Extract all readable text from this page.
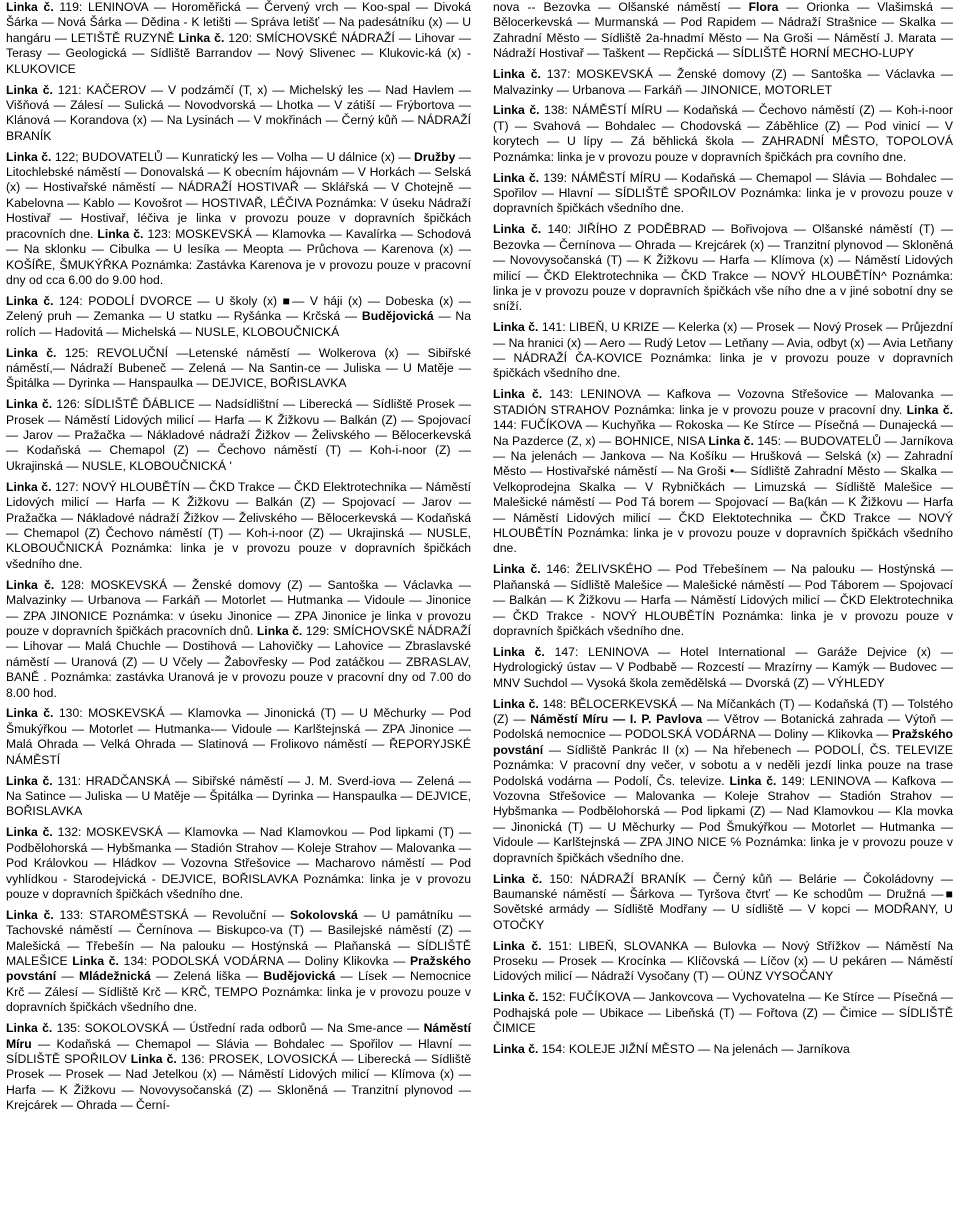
Linka č. 119: LENINOVA — Horoměřická — Červený vrch — Koo-spal — Divoká Šárka — Nová Šárka — Dědina - K letišti — Správa letišť — Na padesátníku (x) — U hangáru — LETIŠTĚ RUZYNĚ Linka č. 120: SMÍCHOVSKÉ NÁDRAŽÍ — Lihovar — Terasy — Geologická — Sídliště Barrandov — Nový Slivenec — Klukovic-ká (x) - KLUKOVICE

Linka č. 121: KAČEROV — V podzámčí (T, x) — Michelský les — Nad Havlem — Višňová — Zálesí — Sulická — Novodvorská — Lhotka — V zátiší — Frýbortova — Klánová — Korandova (x) — Na Lysinách — V mokřinách — Černý kůň — NÁDRAŽÍ BRANÍK

Linka č. 122; BUDOVATELŮ — Kunratický les — Volha — U dálnice (x) — Družby — Litochlebské náměstí — Donovalská — K obecním hájovnám — V Horkách — Selská (x) — Hostivařské náměstí — NÁDRAŽÍ HOSTIVAŘ — Sklářská — V Chotejně — Kabelovna — Kablo — Kovošrot — HOSTIVAŘ, LÉČIVA Poznámka: V úseku Nádraží Hostivař — Hostivař, léčiva je linka v provozu pouze v dopravních špičkách pracovních dne. Linka č. 123: MOSKEVSKÁ — Klamovka — Kavalírka — Schodová — Na sklonku — Cibulka — U lesíka — Meopta — Průchova — Karenova (x) — KOŠÍŘE, ŠMUKÝŘKA Poznámka: Zastávka Karenova je v provozu pouze v pracovní dny od cca 6.00 do 9.00 hod.

Linka č. 124: PODOLÍ DVORCE — U školy (x) ■— V háji (x) — Dobeska (x) — Zelený pruh — Zemanka — U statku — Ryšánka — Krčská — Budějovická — Na rolích — Hadovitá — Michelská — NUSLE, KLOBOUČNICKÁ

Linka č. 125: REVOLUČNÍ —Letenské náměstí — Wolkerova (x) — Sibiřské náměstí,— Nádraží Bubeneč — Zelená — Na Santin-ce — Juliska — U Matěje — Špitálka — Dyrinka — Hanspaulka — DEJVICE, BOŘISLAVKA

Linka č. 126: SÍDLIŠTĚ ĎÁBLICE — Nadsídlištní — Liberecká — Sídliště Prosek — Prosek — Náměstí Lidových milicí — Harfa — K Žižkovu — Balkán (Z) — Spojovací — Jarov — Pražačka — Nákladové nádraží Žižkov — Želivského — Bělocerkevská — Kodaňská — Chemapol (Z) — Čechovo náměstí (T) — Koh-i-noor (Z) — Ukrajinská — NUSLE, KLOBOUČNICKÁ '

Linka č. 127: NOVÝ HLOUBĚTÍN — ČKD Trakce — ČKD Elektrotechnika — Náměstí Lidových milicí — Harfa — K Žižkovu — Balkán (Z) — Spojovací — Jarov — Pražačka — Nákladové nádraží Žižkov — Želivského — Bělocerkevská — Kodaňská — Chemapol (Z) Čechovo náměstí (T) — Koh-i-noor (Z) — Ukrajinská — NUSLE, KLOBOUČNICKÁ Poznámka: linka je v provozu pouze v dopravních špičkách všedního dne.

Linka č. 128: MOSKEVSKÁ — Ženské domovy (Z) — Santoška — Václavka — Malvazinky — Urbanova — Farkáň — Motorlet — Hutmanka — Vidoule — Jinonice — ZPA JINONICE Poznámka: v úseku Jinonice — ZPA Jinonice je linka v provozu pouze v dopravních špičkách pracovních dnů. Linka č. 129: SMÍCHOVSKÉ NÁDRAŽÍ — Lihovar — Malá Chuchle — Dostihová — Lahovičky — Lahovice — Zbraslavské náměstí — Uranová (Z) — U Včely — Žabovřesky — Pod zatáčkou — ZBRASLAV, BANĚ . Poznámka: zastávka Uranová je v provozu pouze v pracovní dny od 7.00 do 8.00 hod.

Linka č. 130: MOSKEVSKÁ — Klamovka — Jinonická (T) — U Měchurky — Pod Šmukýřkou — Motorlet — Hutmanka-— Vidoule — Karlštejnská — ZPA Jinonice — Malá Ohrada — Velká Ohrada — Slatinová — Froliкovo náměstí — ŘEPORYJSKÉ NÁMĚSTÍ

Linka č. 131: HRADČANSKÁ — Sibiřské náměstí — J. M. Sverd-iova — Zelená — Na Satince — Juliska — U Matěje — Špitálka — Dyrinka — Hanspaulka — DEJVICE, BOŘISLAVKA

Linka č. 132: MOSKEVSKÁ — Klamovka — Nad Klamovkou — Pod lipkami (T) — Podbělohorská — Hybšmanka — Stadión Strahov — Koleje Strahov — Malovanka — Pod Královkou — Hládkov — Vozovna Střešovice — Macharovo náměstí — Pod vyhlídkou - Starodejvická - DEJVICE, BOŘISLAVKA Poznámka: linka je v provozu pouze v dopravních špičkách všedního dne.

Linka č. 133: STAROMĚSTSKÁ — Revoluční — Sokolovská — U památníku — Tachovské náměstí — Černínova — Biskupco-va (T) — Basilejské náměstí (Z) — Malešická — Třebešín — Na palouku — Hostýnská — Plaňanská — SÍDLIŠTĚ MALEŠICE Linka č. 134: PODOLSKÁ VODÁRNA — Doliny Klikovka — Pražského povstání — Mládežnická — Zelená liška — Budějovická — Lísek — Nemocnice Krč — Zálesí — Sídliště Krč — KRČ, TEMPO Poznámka: linka je v provozu pouze v dopravních špičkách všedního dne.

Linka č. 135: SOKOLOVSKÁ — Ústřední rada odborů — Na Sme-ance — Náměstí Míru — Kodaňská — Chemapol — Slávia — Bohdalec — Spořilov — Hlavní — SÍDLIŠTĚ SPOŘILOV Linka č. 136: PROSEK, LOVOSICKÁ — Liberecká — Sídliště Prosek — Prosek — Nad Jetelkou (x) — Náměstí Lidových milicí — Klímova (x) — Harfa — K Žižkovu — Novovysočanská (Z) — Skloněná — Tranzitní plynovod — Krejcárek — Ohrada — Černí-

nova -- Bezovka — Olšanské náměstí — Flora — Orionka — Vlašimská — Bělocerkevská — Murmanská — Pod Rapidem — Nádraží Strašnice — Skalka — Zahradní Město — Sídliště 2a-hnadmí Město — Na Groši — Náměstí J. Marata — Nádraží Hostivař — Taškent — Repčická — SÍDLIŠTĚ HORNÍ MECHO-LUPY

Linka č. 137: MOSKEVSKÁ — Ženské domovy (Z) — Santoška — Václavka — Malvazinky — Urbanova — Farkáň — JINONICE, MOTORLET

Linka č. 138: NÁMĚSTÍ MÍRU — Kodaňská — Čechovo náměstí (Z) — Koh-i-noor (T) — Svahová — Bohdalec — Chodovská — Záběhlice (Z) — Pod vinicí — V korytech — U lípy — Zá běhlická škola — ZAHRADNÍ MĚSTO, TOPOLOVÁ Poznámka: linka je v provozu pouze v dopravních špičkách pra covního dne.

Linka č. 139: NÁMĚSTÍ MÍRU — Kodaňská — Chemapol — Slávia — Bohdalec — Spořilov — Hlavní — SÍDLIŠTĚ SPOŘILOV Poznámka: linka je v provozu pouze v dopravních špičkách všedního dne.

Linka č. 140: JIŘÍHO Z PODĚBRAD — Bořivojova — Olšanské náměstí (T) — Bezovka — Černínova — Ohrada — Krejcárek (x) — Tranzitní plynovod — Skloněná — Novovysočanská (T) — K Žižkovu — Harfa — Klímova (x) — Náměstí Lidových milicí — ČKD Elektrotechnika — ČKD Trakce — NOVÝ HLOUBĚTÍN^ Poznámka: linka je v provozu pouze v dopravních špičkách vše ního dne a v jiné sobotní dny se sníží.

Linka č. 141: LIBEŇ, U KRIZE — Kelerka (x) — Prosek — Nový Prosek — Průjezdní — Na hranici (x) — Aero — Rudý Letov — Letňany — Avia, odbyt (x) — Avia Letňany — NÁDRAŽÍ ČA-KOVICE Poznámka: linka je v provozu pouze v dopravních špičkách všedního dne.

Linka č. 143: LENINOVA — Kafkova — Vozovna Střešovice — Malovanka — STADIÓN STRAHOV Poznámka: linka je v provozu pouze v pracovní dny. Linka č. 144: FUČÍKOVA — Kuchyňka — Rokoska — Ke Stírce — Písečná — Dunajecká — Na Pazderce (Z, x) — BOHNICE, NISA Linka č. 145: — BUDOVATELŮ — Jarníkova — Na jelenách — Jankova — Na Košíku — Hrušková — Selská (x) — Zahradní Město — Hostivařské náměstí — Na Groši •— Sídliště Zahradní Město — Skalka — Velkoprodejna Skalka — V Rybničkách — Limuzská — Sídliště Malešice — Malešické náměstí — Pod Tá borem — Spojovací — Ba(kán — K Žižkovu — Harfa — Náměstí Lidových milicí — ČKD Elektotechnika — ČKD Trakce — NOVÝ HLOUBĚTÍN Poznámka: linka je v provozu pouze v dopravních špičkách všedního dne.

Linka č. 146: ŽELIVSKÉHO — Pod Třebešínem — Na palouku — Hostýnská — Plaňanská — Sídliště Malešice — Malešické náměstí — Pod Táborem — Spojovací — Balkán — K Žižkovu — Harfa — Náměstí Lidových milicí — ČKD Elektrotechnika — ČKD Trakce - NOVÝ HLOUBĚTÍN Poznámka: linka je v provozu pouze v dopravních špičkách všedního dne.

Linka č. 147: LENINOVA — Hotel International — Garáže Dejvice (x) — Hydrologický ústav — V Podbabě — Rozcestí — Mrazírny — Kamýk — Budovec — MNV Suchdol — Vysoká škola zemědělská — Dvorská (Z) — VÝHLEDY

Linka č. 148: BĚLOCERKEVSKÁ — Na Míčankách (T) — Kodaňská (T) — Tolstého (Z) — Náměstí Míru — I. P. Pavlova — Větrov — Botanická zahrada — Výtoň — Podolská nemocnice — PODOLSKÁ VODÁRNA — Doliny — Klikovka — Pražského povstání — Sídliště Pankrác II (x) — Na hřebenech — PODOLÍ, ČS. TELEVIZE Poznámka: V pracovní dny večer, v sobotu a v neděli jezdí linka pouze na trase Podolská vodárna — Podolí, Čs. televize. Linka č. 149: LENINOVA — Kafkova — Vozovna Střešovice — Malovanka — Koleje Strahov — Stadión Strahov — Hybšmanka — Podbělohorská — Pod lipkami (Z) — Nad Klamovkou — Kla movka — Jinonická (T) — U Měchurky — Pod Šmukýřkou — Motorlet — Hutmanka — Vidoule — Karlštejnská — ZPA JINO NICE ℅ Poznámka: linka je v provozu pouze v dopravních špičkách všedního dne.

Linka č. 150: NÁDRAŽÍ BRANÍK — Černý kůň — Belárie — Čokoládovny — Baumanské náměstí — Šárkova — Tyršova čtvrť — Ke schodům — Družná —■ Sovětské armády — Sídliště Modřany — U sídliště — V kopci — MODŘANY, U OTOČKY

Linka č. 151: LIBEŇ, SLOVANKA — Bulovka — Nový Střížkov — Náměstí Na Proseku — Prosek — Krocínka — Klíčovská — Líčov (x) — U pekáren — Náměstí Lidových milicí — Nádraží Vysočany (T) — OÚNZ VYSOČANY

Linka č. 152: FUČÍKOVA — Jankovcova — Vychovatelna — Ke Stírce — Písečná — Podhajská pole — Ubikace — Libeňská (T) — Fořtova (Z) — Čimice — SÍDLIŠTĚ ČIMICE

Linka č. 154: KOLEJE JIŽNÍ MĚSTO — Na jelenách — Jarníkova
